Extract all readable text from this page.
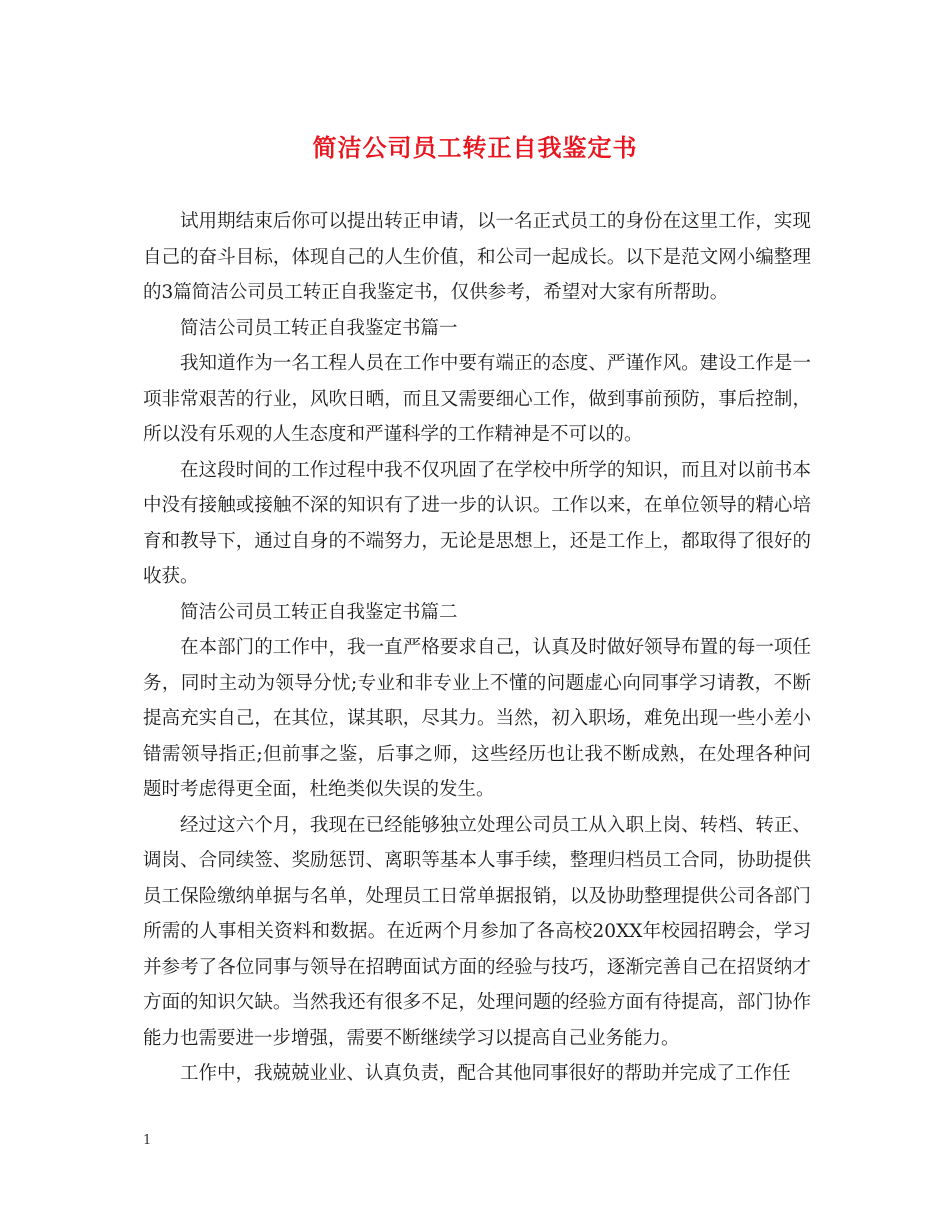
简洁公司员工转正自我鉴定书

试用期结束后你可以提出转正申请，以一名正式员工的身份在这里工作，实现自己的奋斗目标，体现自己的人生价值，和公司一起成长。以下是范文网小编整理的3篇简洁公司员工转正自我鉴定书，仅供参考，希望对大家有所帮助。

简洁公司员工转正自我鉴定书篇一

我知道作为一名工程人员在工作中要有端正的态度、严谨作风。建设工作是一项非常艰苦的行业，风吹日晒，而且又需要细心工作，做到事前预防，事后控制，所以没有乐观的人生态度和严谨科学的工作精神是不可以的。

在这段时间的工作过程中我不仅巩固了在学校中所学的知识，而且对以前书本中没有接触或接触不深的知识有了进一步的认识。工作以来，在单位领导的精心培育和教导下，通过自身的不端努力，无论是思想上，还是工作上，都取得了很好的收获。

简洁公司员工转正自我鉴定书篇二

在本部门的工作中，我一直严格要求自己，认真及时做好领导布置的每一项任务，同时主动为领导分忧;专业和非专业上不懂的问题虚心向同事学习请教，不断提高充实自己，在其位，谋其职，尽其力。当然，初入职场，难免出现一些小差小错需领导指正;但前事之鉴，后事之师，这些经历也让我不断成熟，在处理各种问题时考虑得更全面，杜绝类似失误的发生。

经过这六个月，我现在已经能够独立处理公司员工从入职上岗、转档、转正、调岗、合同续签、奖励惩罚、离职等基本人事手续，整理归档员工合同，协助提供员工保险缴纳单据与名单，处理员工日常单据报销，以及协助整理提供公司各部门所需的人事相关资料和数据。在近两个月参加了各高校20XX年校园招聘会，学习并参考了各位同事与领导在招聘面试方面的经验与技巧，逐渐完善自己在招贤纳才方面的知识欠缺。当然我还有很多不足，处理问题的经验方面有待提高，部门协作能力也需要进一步增强，需要不断继续学习以提高自己业务能力。

工作中，我兢兢业业、认真负责，配合其他同事很好的帮助并完成了工作任

1
